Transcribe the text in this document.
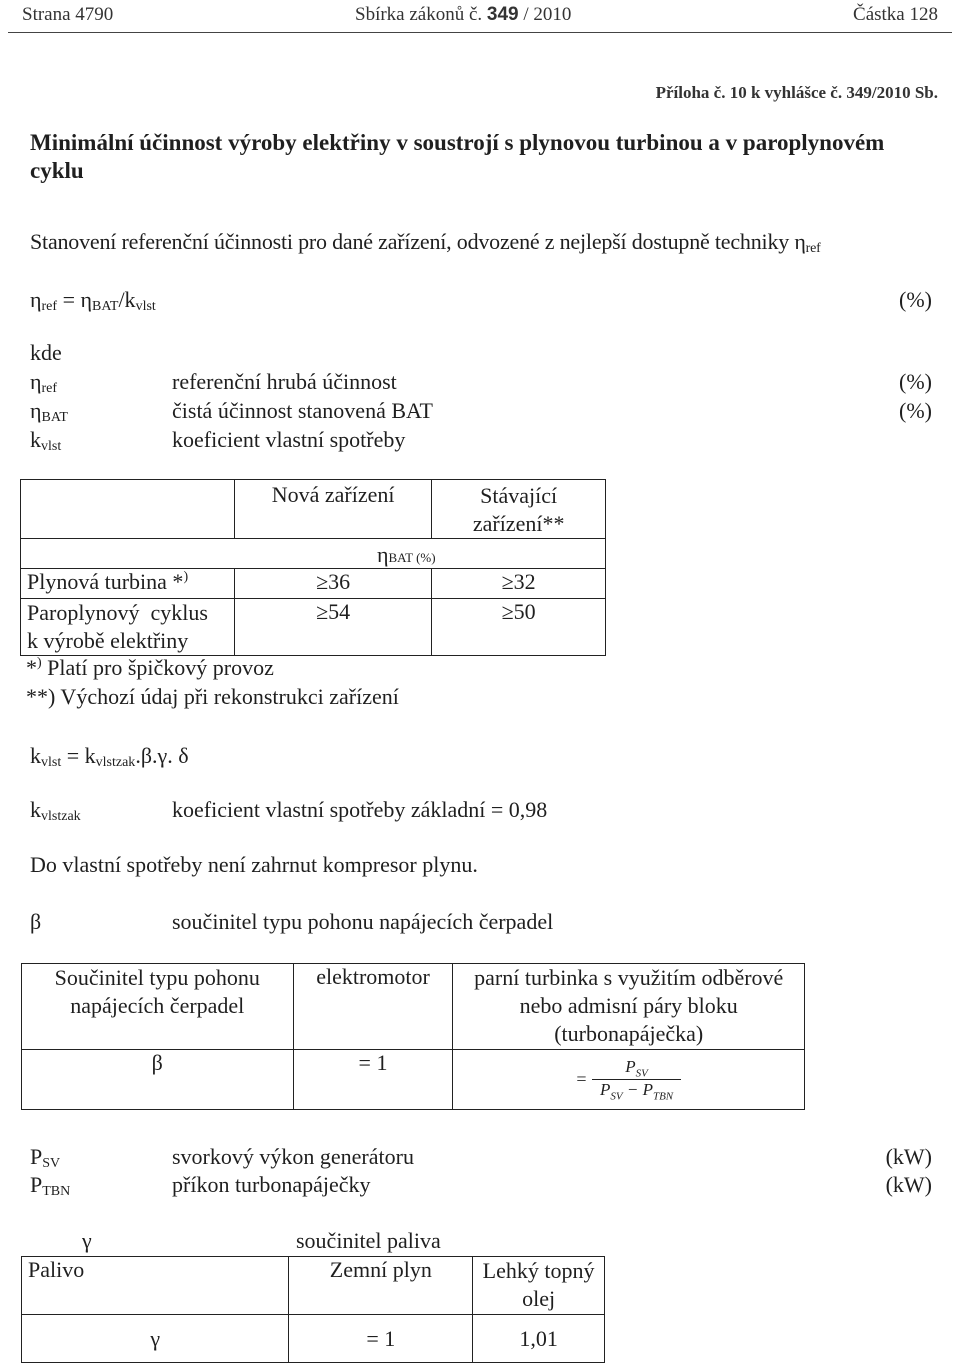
Strana 4790	Sbírka zákonů č. 349 / 2010	Částka 128
Příloha č. 10 k vyhlášce č. 349/2010 Sb.
Minimální účinnost výroby elektřiny v soustrojí s plynovou turbinou a v paroplynovém
cyklu
Stanovení referenční účinnosti pro dané zařízení, odvozené z nejlepší dostupně techniky $\eta_{ref}$
$\eta_{ref} = \eta_{BAT}/k_{vlst}$	(%)
kde
$\eta_{ref}$	referenční hrubá účinnost	(%)
$\eta_{BAT}$	čistá účinnost stanovená BAT	(%)
$k_{vlst}$	koeficient vlastní spotřeby
	Nová zařízení	Stávající
zařízení**
ηBAT (%)		
Plynová turbina *)	≥36	≥32
Paroplynový  cyklus
k výrobě elektřiny	≥54	≥50
*) Platí pro špičkový provoz
**) Výchozí údaj při rekonstrukci zařízení
$k_{vlst} = k_{vlstzak}.\beta.\gamma$. δ
$k_{vlstzak}$	koeficient vlastní spotřeby základní = 0,98
Do vlastní spotřeby není zahrnut kompresor plynu.
β	součinitel typu pohonu napájecích čerpadel
Součinitel typu pohonu
napájecích čerpadel	elektromotor	parní turbinka s využitím odběrové
nebo admisní páry bloku
(turbonapáječka)
β	= 1	= $\frac{P_{SV}}{P_{SV} - P_{TBN}}$
$P_{SV}$	svorkový výkon generátoru	(kW)
$P_{TBN}$	příkon turbonapáječky	(kW)
γ	součinitel paliva
Palivo	Zemní plyn	Lehký topný
olej
γ	= 1	1,01
